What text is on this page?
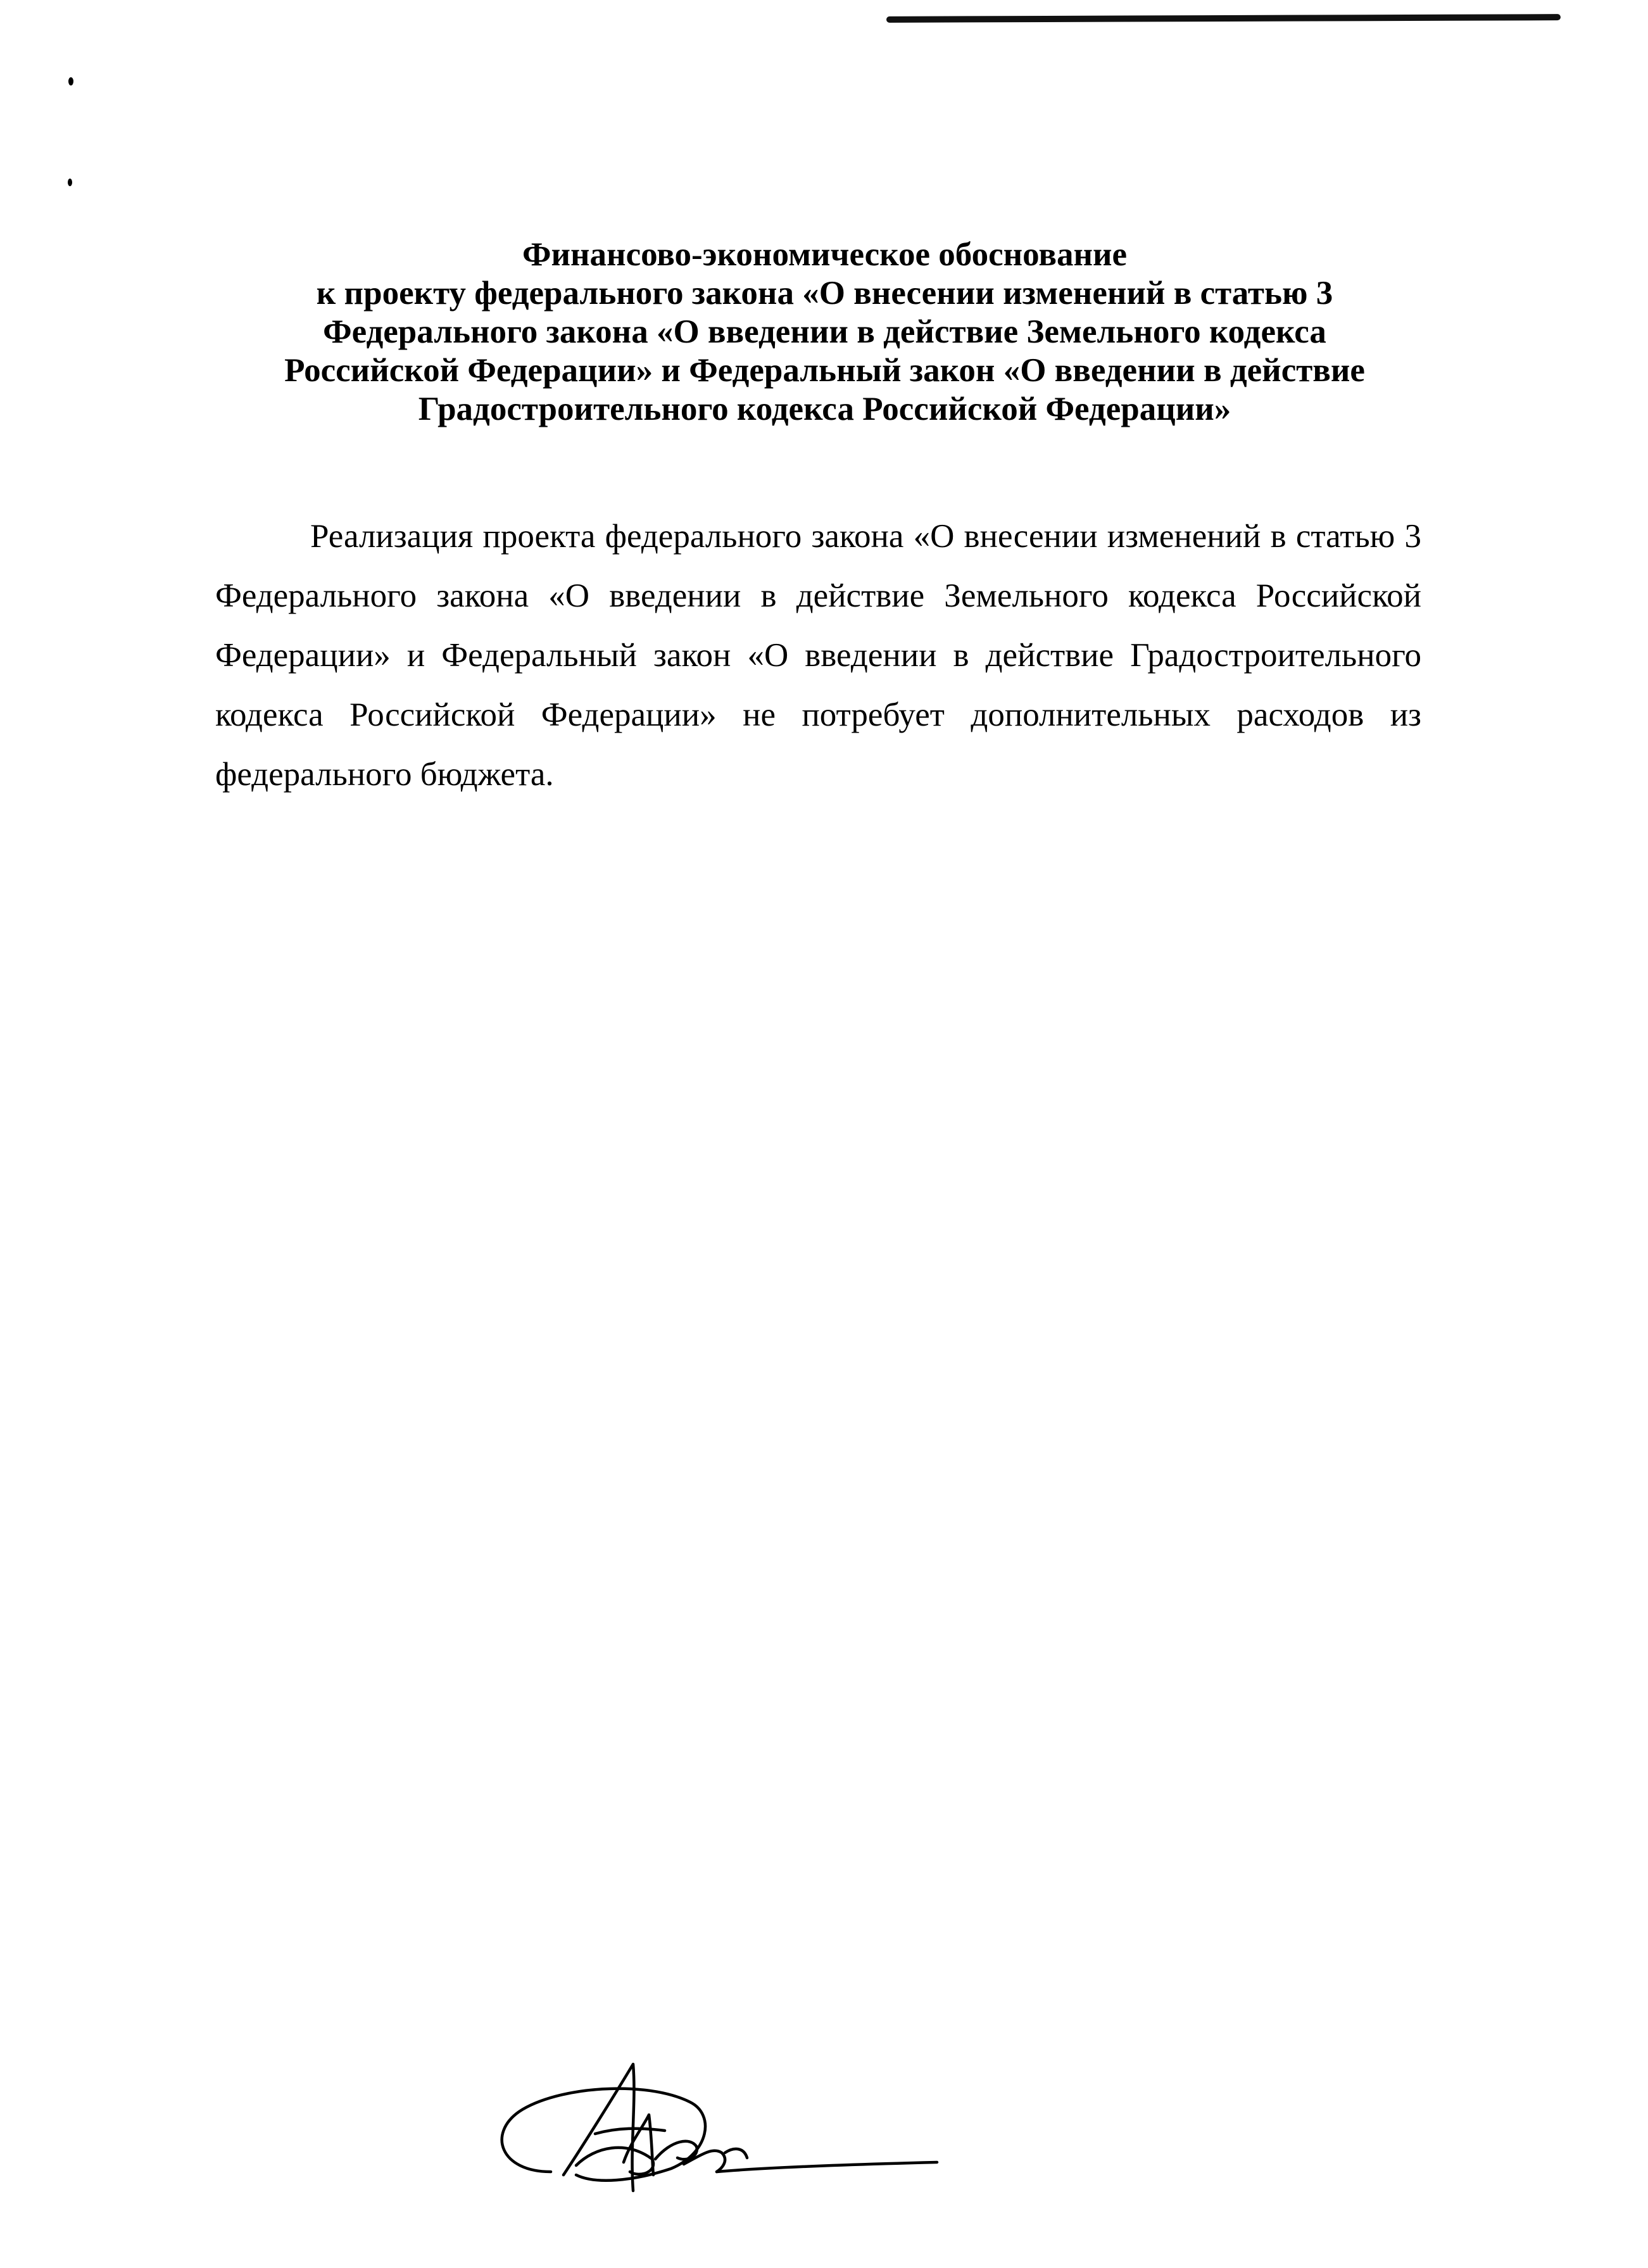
Финансово-экономическое обоснование
к проекту федерального закона «О внесении изменений в статью 3
Федерального закона «О введении в действие Земельного кодекса
Российской Федерации» и Федеральный закон «О введении в действие
Градостроительного кодекса Российской Федерации»

Реализация проекта федерального закона «О внесении изменений в статью 3 Федерального закона «О введении в действие Земельного кодекса Российской Федерации» и Федеральный закон «О введении в действие Градостроительного кодекса Российской Федерации» не потребует дополнительных расходов из федерального бюджета.
